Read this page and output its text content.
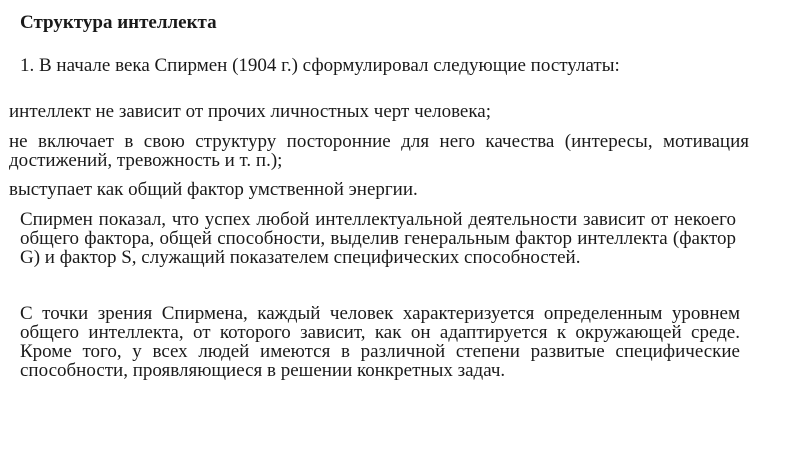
Структура интеллекта

1. В начале века Спирмен (1904 г.) сформулировал следующие постулаты:

интеллект не зависит от прочих личностных черт человека;

не включает в свою структуру посторонние для него качества (интересы, мотивация достижений, тревожность и т. п.);

выступает как общий фактор умственной энергии.

Спирмен показал, что успех любой интеллектуальной деятельности зависит от некоего общего фактора, общей способности, выделив генеральным фактор интеллекта (фактор G) и фактор S, служащий показателем специфических способностей.

С точки зрения Спирмена, каждый человек характеризуется определенным уровнем общего интеллекта, от которого зависит, как он адаптируется к окружающей среде. Кроме того, у всех людей имеются в различной степени развитые специфические способности, проявляющиеся в решении конкретных задач.
